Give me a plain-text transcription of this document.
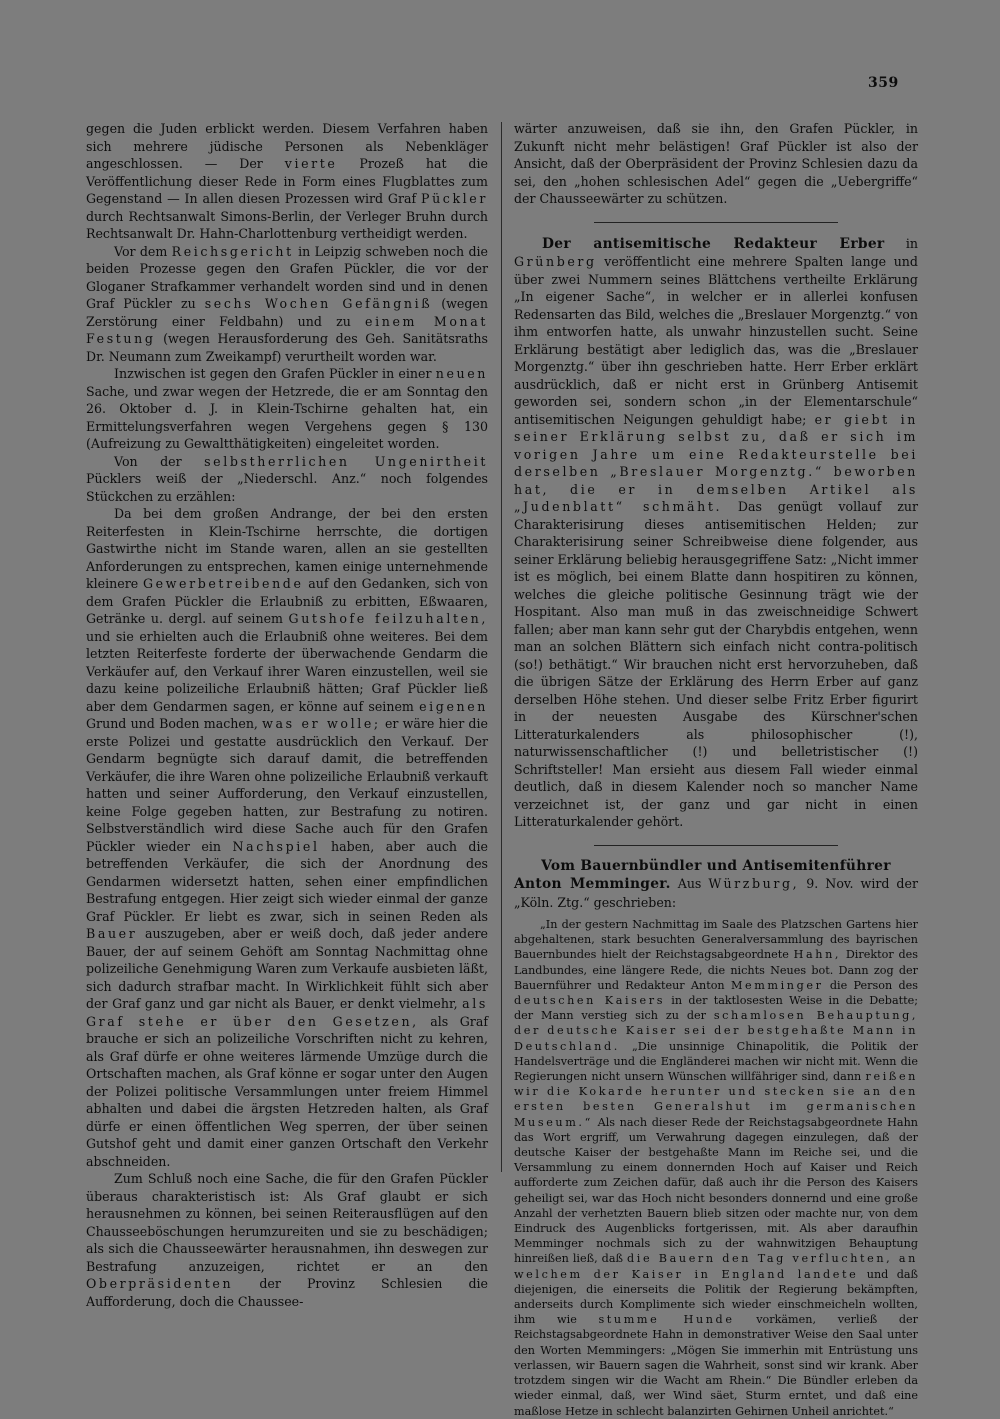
359

gegen die Juden erblickt werden. Diesem Verfahren haben sich mehrere jüdische Personen als Nebenkläger angeschlossen. — Der vierte Prozeß hat die Veröffentlichung dieser Rede in Form eines Flugblattes zum Gegenstand — In allen diesen Prozessen wird Graf Pückler durch Rechtsanwalt Simons-Berlin, der Verleger Bruhn durch Rechtsanwalt Dr. Hahn-Charlottenburg vertheidigt werden.

Vor dem Reichsgericht in Leipzig schweben noch die beiden Prozesse gegen den Grafen Pückler, die vor der Gloganer Strafkammer verhandelt worden sind und in denen Graf Pückler zu sechs Wochen Gefängniß (wegen Zerstörung einer Feldbahn) und zu einem Monat Festung (wegen Herausforderung des Geh. Sanitätsraths Dr. Neumann zum Zweikampf) verurtheilt worden war.

Inzwischen ist gegen den Grafen Pückler in einer neuen Sache, und zwar wegen der Hetzrede, die er am Sonntag den 26. Oktober d. J. in Klein-Tschirne gehalten hat, ein Ermittelungsverfahren wegen Vergehens gegen § 130 (Aufreizung zu Gewaltthätigkeiten) eingeleitet worden.

Von der selbstherrlichen Ungenirtheit Pücklers weiß der „Niederschl. Anz.“ noch folgendes Stückchen zu erzählen:

Da bei dem großen Andrange, der bei den ersten Reiterfesten in Klein-Tschirne herrschte, die dortigen Gastwirthe nicht im Stande waren, allen an sie gestellten Anforderungen zu entsprechen, kamen einige unternehmende kleinere Gewerbetreibende auf den Gedanken, sich von dem Grafen Pückler die Erlaubniß zu erbitten, Eßwaaren, Getränke u. dergl. auf seinem Gutshofe feilzuhalten, und sie erhielten auch die Erlaubniß ohne weiteres. Bei dem letzten Reiterfeste forderte der überwachende Gendarm die Verkäufer auf, den Verkauf ihrer Waren einzustellen, weil sie dazu keine polizeiliche Erlaubniß hätten; Graf Pückler ließ aber dem Gendarmen sagen, er könne auf seinem eigenen Grund und Boden machen, was er wolle; er wäre hier die erste Polizei und gestatte ausdrücklich den Verkauf. Der Gendarm begnügte sich darauf damit, die betreffenden Verkäufer, die ihre Waren ohne polizeiliche Erlaubniß verkauft hatten und seiner Aufforderung, den Verkauf einzustellen, keine Folge gegeben hatten, zur Bestrafung zu notiren. Selbstverständlich wird diese Sache auch für den Grafen Pückler wieder ein Nachspiel haben, aber auch die betreffenden Verkäufer, die sich der Anordnung des Gendarmen widersetzt hatten, sehen einer empfindlichen Bestrafung entgegen. Hier zeigt sich wieder einmal der ganze Graf Pückler. Er liebt es zwar, sich in seinen Reden als Bauer auszugeben, aber er weiß doch, daß jeder andere Bauer, der auf seinem Gehöft am Sonntag Nachmittag ohne polizeiliche Genehmigung Waren zum Verkaufe ausbieten läßt, sich dadurch strafbar macht. In Wirklichkeit fühlt sich aber der Graf ganz und gar nicht als Bauer, er denkt vielmehr, als Graf stehe er über den Gesetzen, als Graf brauche er sich an polizeiliche Vorschriften nicht zu kehren, als Graf dürfe er ohne weiteres lärmende Umzüge durch die Ortschaften machen, als Graf könne er sogar unter den Augen der Polizei politische Versammlungen unter freiem Himmel abhalten und dabei die ärgsten Hetzreden halten, als Graf dürfe er einen öffentlichen Weg sperren, der über seinen Gutshof geht und damit einer ganzen Ortschaft den Verkehr abschneiden.

Zum Schluß noch eine Sache, die für den Grafen Pückler überaus charakteristisch ist: Als Graf glaubt er sich herausnehmen zu können, bei seinen Reiterausflügen auf den Chausseeböschungen herumzureiten und sie zu beschädigen; als sich die Chausseewärter herausnahmen, ihn deswegen zur Bestrafung anzuzeigen, richtet er an den Oberpräsidenten der Provinz Schlesien die Aufforderung, doch die Chaussee-

wärter anzuweisen, daß sie ihn, den Grafen Pückler, in Zukunft nicht mehr belästigen! Graf Pückler ist also der Ansicht, daß der Oberpräsident der Provinz Schlesien dazu da sei, den „hohen schlesischen Adel“ gegen die „Uebergriffe“ der Chausseewärter zu schützen.

Der antisemitische Redakteur Erber in Grünberg veröffentlicht eine mehrere Spalten lange und über zwei Nummern seines Blättchens vertheilte Erklärung „In eigener Sache“, in welcher er in allerlei konfusen Redensarten das Bild, welches die „Breslauer Morgenztg.“ von ihm entworfen hatte, als unwahr hinzustellen sucht. Seine Erklärung bestätigt aber lediglich das, was die „Breslauer Morgenztg.“ über ihn geschrieben hatte. Herr Erber erklärt ausdrücklich, daß er nicht erst in Grünberg Antisemit geworden sei, sondern schon „in der Elementarschule“ antisemitischen Neigungen gehuldigt habe; er giebt in seiner Erklärung selbst zu, daß er sich im vorigen Jahre um eine Redakteurstelle bei derselben „Breslauer Morgenztg.“ beworben hat, die er in demselben Artikel als „Judenblatt“ schmäht. Das genügt vollauf zur Charakterisirung dieses antisemitischen Helden; zur Charakterisirung seiner Schreibweise diene folgender, aus seiner Erklärung beliebig herausgegriffene Satz: „Nicht immer ist es möglich, bei einem Blatte dann hospitiren zu können, welches die gleiche politische Gesinnung trägt wie der Hospitant. Also man muß in das zweischneidige Schwert fallen; aber man kann sehr gut der Charybdis entgehen, wenn man an solchen Blättern sich einfach nicht contra-politisch (so!) bethätigt.“ Wir brauchen nicht erst hervorzuheben, daß die übrigen Sätze der Erklärung des Herrn Erber auf ganz derselben Höhe stehen. Und dieser selbe Fritz Erber figurirt in der neuesten Ausgabe des Kürschner'schen Litteraturkalenders als philosophischer (!), naturwissenschaftlicher (!) und belletristischer (!) Schriftsteller! Man ersieht aus diesem Fall wieder einmal deutlich, daß in diesem Kalender noch so mancher Name verzeichnet ist, der ganz und gar nicht in einen Litteraturkalender gehört.

Vom Bauernbündler und Antisemitenführer

Anton Memminger. Aus Würzburg, 9. Nov. wird der „Köln. Ztg.“ geschrieben:

„In der gestern Nachmittag im Saale des Platzschen Gartens hier abgehaltenen, stark besuchten Generalversammlung des bayrischen Bauernbundes hielt der Reichstagsabgeordnete Hahn, Direktor des Landbundes, eine längere Rede, die nichts Neues bot. Dann zog der Bauernführer und Redakteur Anton Memminger die Person des deutschen Kaisers in der taktlosesten Weise in die Debatte; der Mann verstieg sich zu der schamlosen Behauptung, der deutsche Kaiser sei der bestgehaßte Mann in Deutschland. „Die unsinnige Chinapolitik, die Politik der Handelsverträge und die Engländerei machen wir nicht mit. Wenn die Regierungen nicht unsern Wünschen willfähriger sind, dann reißen wir die Kokarde herunter und stecken sie an den ersten besten Generalshut im germanischen Museum.“ Als nach dieser Rede der Reichstagsabgeordnete Hahn das Wort ergriff, um Verwahrung dagegen einzulegen, daß der deutsche Kaiser der bestgehaßte Mann im Reiche sei, und die Versammlung zu einem donnernden Hoch auf Kaiser und Reich aufforderte zum Zeichen dafür, daß auch ihr die Person des Kaisers geheiligt sei, war das Hoch nicht besonders donnernd und eine große Anzahl der verhetzten Bauern blieb sitzen oder machte nur, von dem Eindruck des Augenblicks fortgerissen, mit. Als aber daraufhin Memminger nochmals sich zu der wahnwitzigen Behauptung hinreißen ließ, daß die Bauern den Tag verfluchten, an welchem der Kaiser in England landete und daß diejenigen, die einerseits die Politik der Regierung bekämpften, anderseits durch Komplimente sich wieder einschmeicheln wollten, ihm wie stumme Hunde vorkämen, verließ der Reichstagsabgeordnete Hahn in demonstrativer Weise den Saal unter den Worten Memmingers: „Mögen Sie immerhin mit Entrüstung uns verlassen, wir Bauern sagen die Wahrheit, sonst sind wir krank. Aber trotzdem singen wir die Wacht am Rhein.“ Die Bündler erleben da wieder einmal, daß, wer Wind säet, Sturm erntet, und daß eine maßlose Hetze in schlecht balanzirten Gehirnen Unheil anrichtet.“
